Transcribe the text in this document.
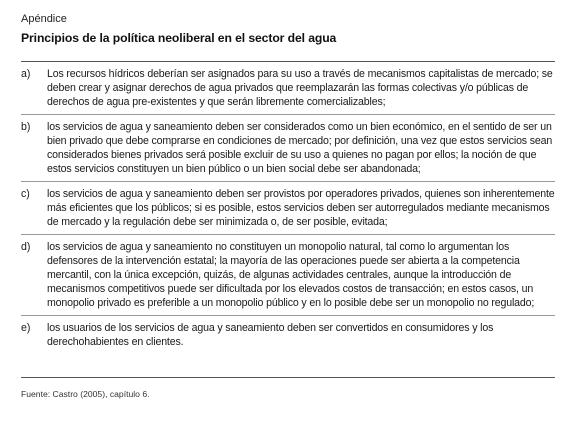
Apéndice
Principios de la política neoliberal en el sector del agua
a) Los recursos hídricos deberían ser asignados para su uso a través de mecanismos capitalistas de mercado; se deben crear y asignar derechos de agua privados que reemplazarán las formas colectivas y/o públicas de derechos de agua pre-existentes y que serán libremente comercializables;
b) los servicios de agua y saneamiento deben ser considerados como un bien económico, en el sentido de ser un bien privado que debe comprarse en condiciones de mercado; por definición, una vez que estos servicios sean considerados bienes privados será posible excluir de su uso a quienes no pagan por ellos; la noción de que estos servicios constituyen un bien público o un bien social debe ser abandonada;
c) los servicios de agua y saneamiento deben ser provistos por operadores privados, quienes son inherentemente más eficientes que los públicos; si es posible, estos servicios deben ser autorregulados mediante mecanismos de mercado y la regulación debe ser minimizada o, de ser posible, evitada;
d) los servicios de agua y saneamiento no constituyen un monopolio natural, tal como lo argumentan los defensores de la intervención estatal; la mayoría de las operaciones puede ser abierta a la competencia mercantil, con la única excepción, quizás, de algunas actividades centrales, aunque la introducción de mecanismos competitivos puede ser dificultada por los elevados costos de transacción; en estos casos, un monopolio privado es preferible a un monopolio público y en lo posible debe ser un monopolio no regulado;
e) los usuarios de los servicios de agua y saneamiento deben ser convertidos en consumidores y los derechohabientes en clientes.
Fuente: Castro (2005), capítulo 6.
